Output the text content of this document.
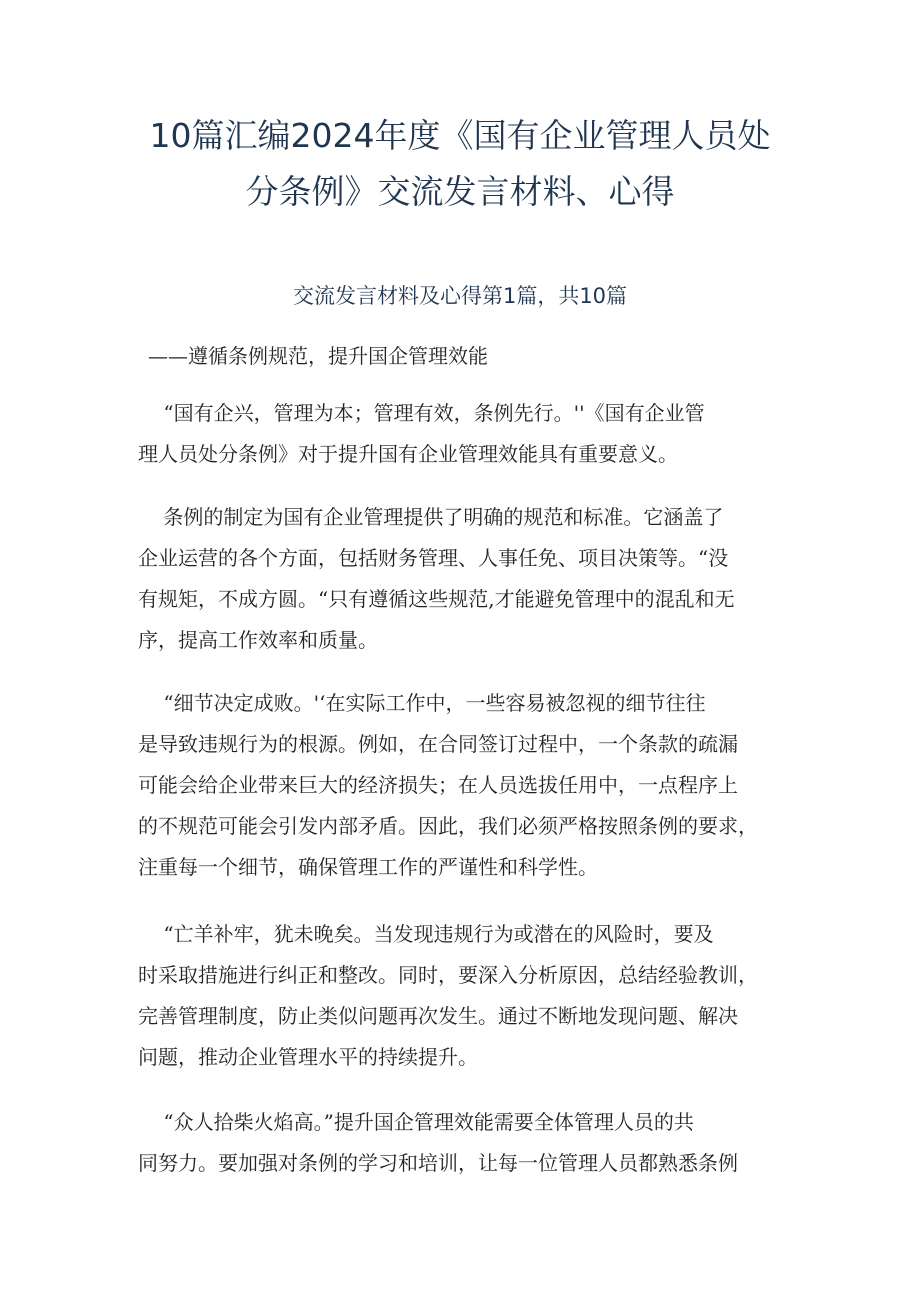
10篇汇编2024年度《国有企业管理人员处
分条例》交流发言材料、心得
交流发言材料及心得第1篇，共10篇
——遵循条例规范，提升国企管理效能
“国有企兴，管理为本；管理有效，条例先行。''《国有企业管
理人员处分条例》对于提升国有企业管理效能具有重要意义。
条例的制定为国有企业管理提供了明确的规范和标准。它涵盖了
企业运营的各个方面，包括财务管理、人事任免、项目决策等。“没
有规矩，不成方圆。“只有遵循这些规范,才能避免管理中的混乱和无
序，提高工作效率和质量。
“细节决定成败。'‘在实际工作中，一些容易被忽视的细节往往
是导致违规行为的根源。例如，在合同签订过程中，一个条款的疏漏
可能会给企业带来巨大的经济损失；在人员选拔任用中，一点程序上
的不规范可能会引发内部矛盾。因此，我们必须严格按照条例的要求，
注重每一个细节，确保管理工作的严谨性和科学性。
“亡羊补牢，犹未晚矣。当发现违规行为或潜在的风险时，要及
时采取措施进行纠正和整改。同时，要深入分析原因，总结经验教训，
完善管理制度，防止类似问题再次发生。通过不断地发现问题、解决
问题，推动企业管理水平的持续提升。
“众人拾柴火焰高。”提升国企管理效能需要全体管理人员的共
同努力。要加强对条例的学习和培训，让每一位管理人员都熟悉条例
